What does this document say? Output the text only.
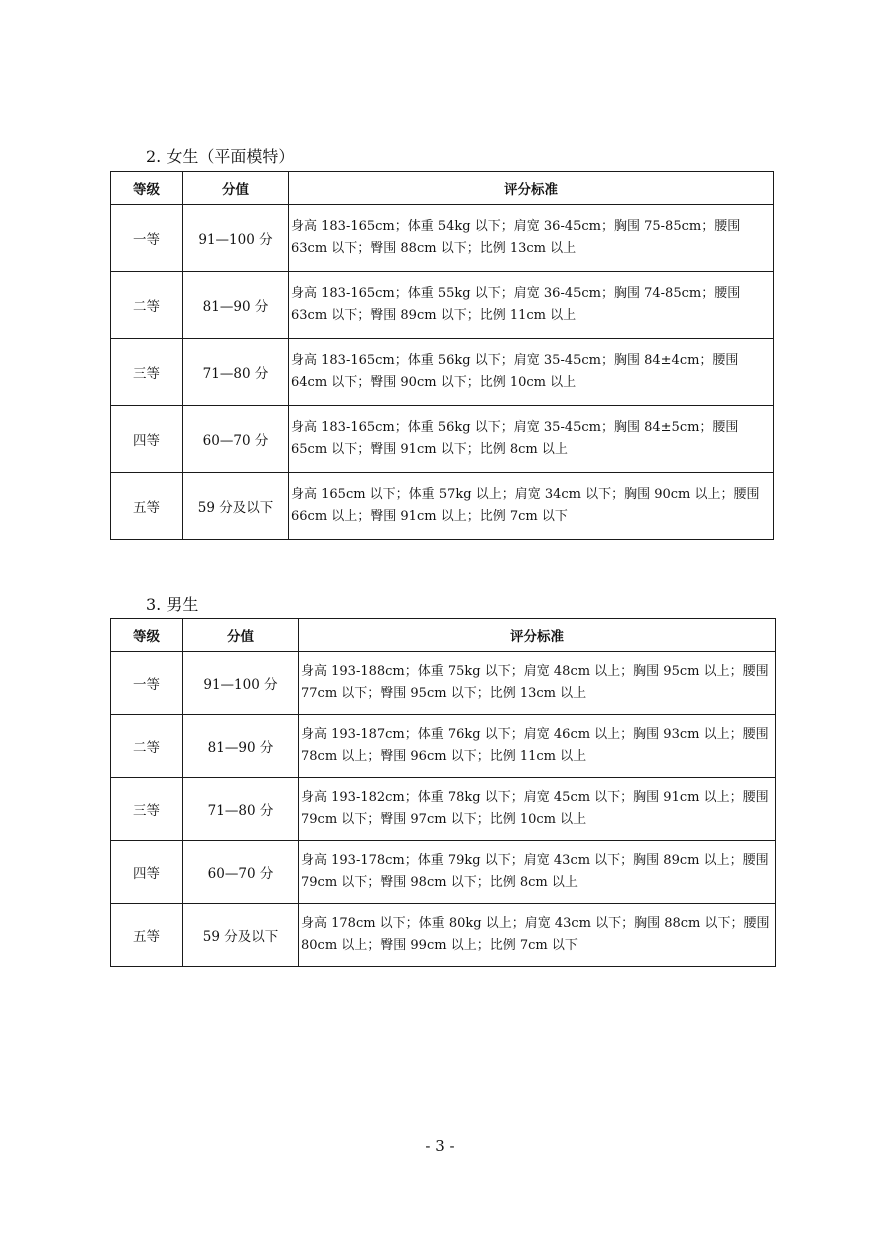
2. 女生（平面模特）
等级	分值	评分标准
一等	91—100 分	身高 183-165cm；体重 54kg 以下；肩宽 36-45cm；胸围 75-85cm；腰围 63cm 以下；臀围 88cm 以下；比例 13cm 以上
二等	81—90 分	身高 183-165cm；体重 55kg 以下；肩宽 36-45cm；胸围 74-85cm；腰围 63cm 以下；臀围 89cm 以下；比例 11cm 以上
三等	71—80 分	身高 183-165cm；体重 56kg 以下；肩宽 35-45cm；胸围 84±4cm；腰围 64cm 以下；臀围 90cm 以下；比例 10cm 以上
四等	60—70 分	身高 183-165cm；体重 56kg 以下；肩宽 35-45cm；胸围 84±5cm；腰围 65cm 以下；臀围 91cm 以下；比例 8cm 以上
五等	59 分及以下	身高 165cm 以下；体重 57kg 以上；肩宽 34cm 以下；胸围 90cm 以上；腰围 66cm 以上；臀围 91cm 以上；比例 7cm 以下
3. 男生
等级	分值	评分标准
一等	91—100 分	身高 193-188cm；体重 75kg 以下；肩宽 48cm 以上；胸围 95cm 以上；腰围 77cm 以下；臀围 95cm 以下；比例 13cm 以上
二等	81—90 分	身高 193-187cm；体重 76kg 以下；肩宽 46cm 以上；胸围 93cm 以上；腰围 78cm 以上；臀围 96cm 以下；比例 11cm 以上
三等	71—80 分	身高 193-182cm；体重 78kg 以下；肩宽 45cm 以下；胸围 91cm 以上；腰围 79cm 以下；臀围 97cm 以下；比例 10cm 以上
四等	60—70 分	身高 193-178cm；体重 79kg 以下；肩宽 43cm 以下；胸围 89cm 以上；腰围 79cm 以下；臀围 98cm 以下；比例 8cm 以上
五等	59 分及以下	身高 178cm 以下；体重 80kg 以上；肩宽 43cm 以下；胸围 88cm 以下；腰围 80cm 以上；臀围 99cm 以上；比例 7cm 以下
- 3 -
